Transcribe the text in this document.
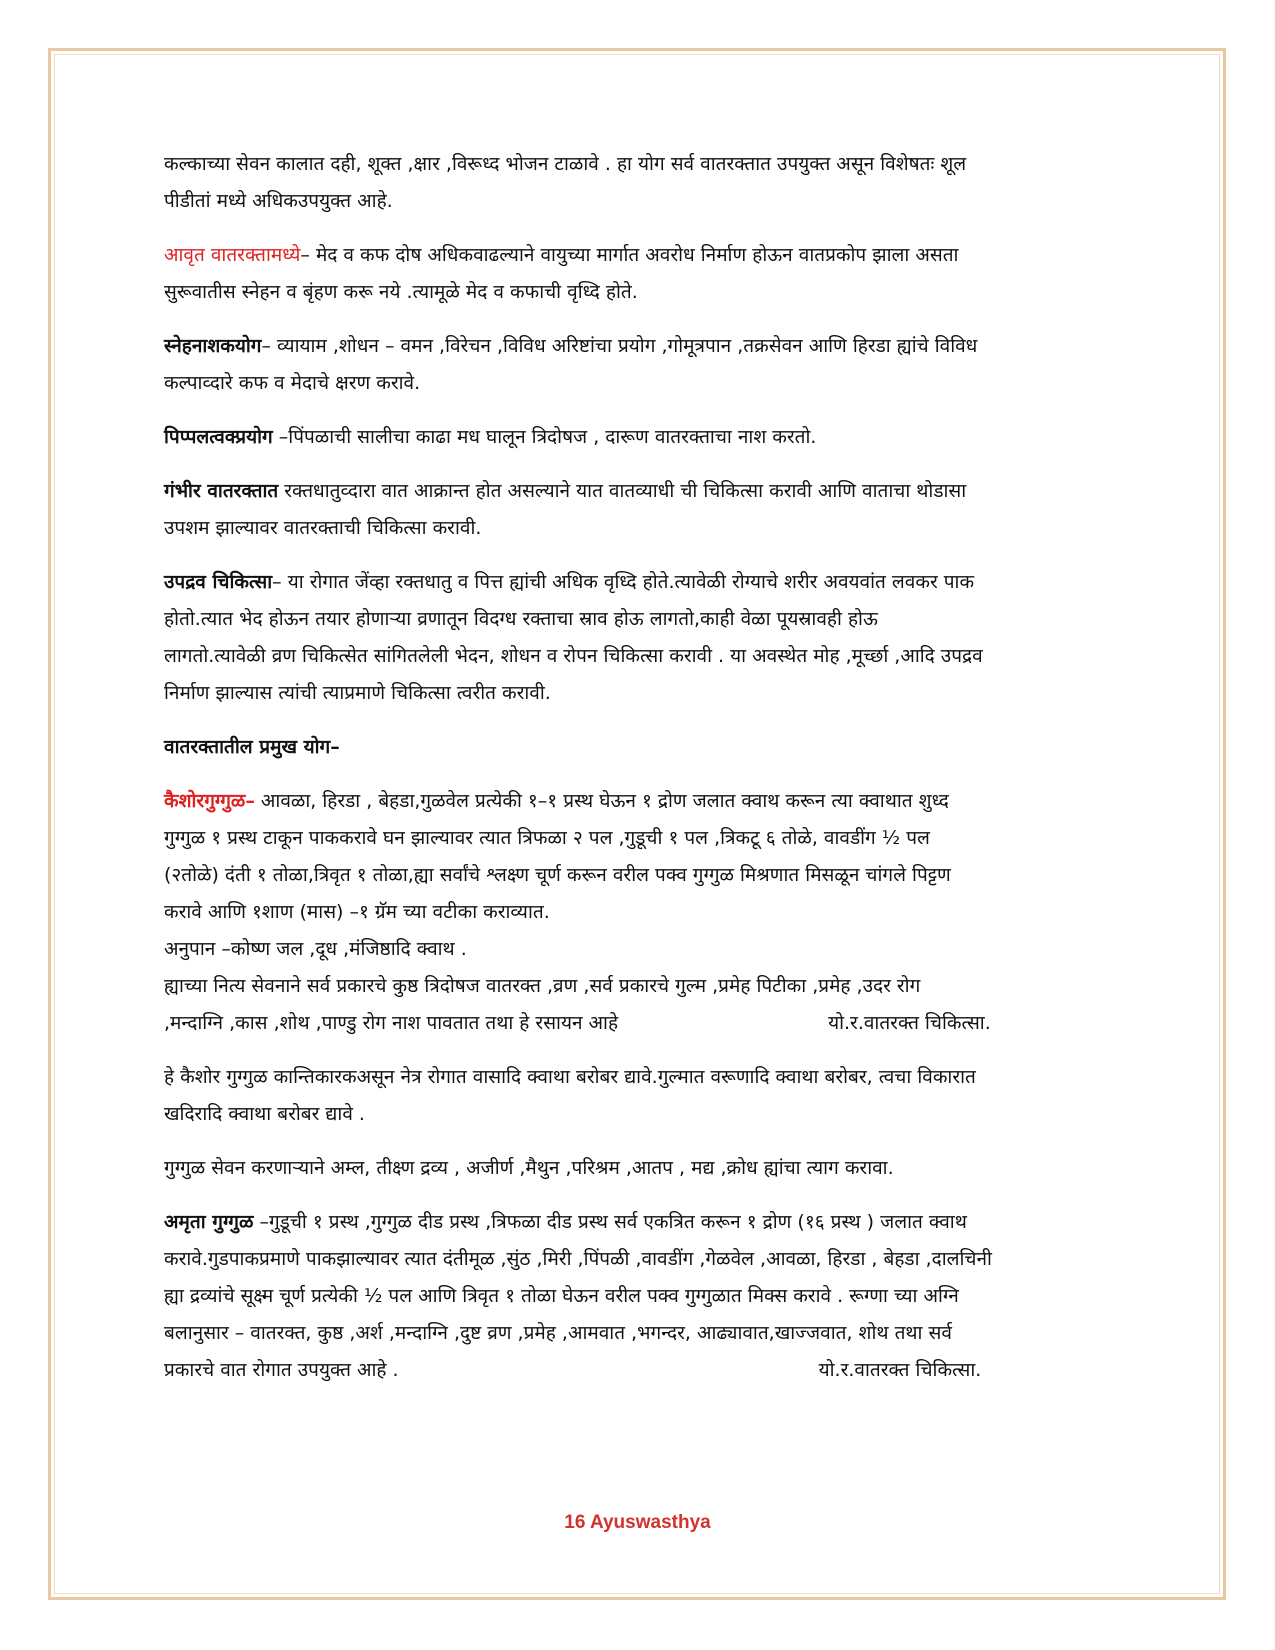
कल्काच्या सेवन कालात दही, शूक्त ,क्षार ,विरूध्द भोजन टाळावे . हा योग सर्व वातरक्तात उपयुक्त असून विशेषतः शूल
पीडीतां मध्ये अधिकउपयुक्त आहे.
आवृत वातरक्तामध्ये– मेद व कफ दोष अधिकवाढल्याने वायुच्या मार्गात अवरोध निर्माण होऊन वातप्रकोप झाला असता
सुरूवातीस स्नेहन व बृंहण करू नये .त्यामूळे मेद व कफाची वृध्दि होते.
स्नेहनाशकयोग– व्यायाम ,शोधन – वमन ,विरेचन ,विविध अरिष्टांचा प्रयोग ,गोमूत्रपान ,तक्रसेवन आणि हिरडा ह्यांचे विविध
कल्पाव्दारे कफ व मेदाचे क्षरण करावे.
पिप्पलत्वक्प्रयोग –पिंपळाची सालीचा काढा मध घालून त्रिदोषज , दारूण वातरक्ताचा नाश करतो.
गंभीर वातरक्तात रक्तधातुव्दारा वात आक्रान्त होत असल्याने यात वातव्याधी ची चिकित्सा करावी आणि वाताचा थोडासा
उपशम झाल्यावर वातरक्ताची चिकित्सा करावी.
उपद्रव चिकित्सा– या रोगात जेंव्हा रक्तधातु व पित्त ह्यांची अधिक वृध्दि होते.त्यावेळी रोग्याचे शरीर अवयवांत लवकर पाक
होतो.त्यात भेद होऊन तयार होणाऱ्या व्रणातून विदग्ध रक्ताचा स्राव होऊ लागतो,काही वेळा पूयस्रावही होऊ
लागतो.त्यावेळी व्रण चिकित्सेत सांगितलेली भेदन, शोधन व रोपन चिकित्सा करावी . या अवस्थेत मोह ,मूर्च्छा ,आदि उपद्रव
निर्माण झाल्यास त्यांची त्याप्रमाणे चिकित्सा त्वरीत करावी.
वातरक्तातील प्रमुख योग–
कैशोरगुग्गुळ– आवळा, हिरडा , बेहडा,गुळवेल प्रत्येकी १–१ प्रस्थ घेऊन १ द्रोण जलात क्वाथ करून त्या क्वाथात शुध्द
गुग्गुळ १ प्रस्थ टाकून पाककरावे घन झाल्यावर त्यात त्रिफळा २ पल ,गुडूची १ पल ,त्रिकटू ६ तोळे, वावडींग ½ पल
(२तोळे) दंती १ तोळा,त्रिवृत १ तोळा,ह्या सर्वांचे श्लक्ष्ण चूर्ण करून वरील पक्व गुग्गुळ मिश्रणात मिसळून चांगले पिट्टण
करावे आणि १शाण (मास) –१ ग्रॅम च्या वटीका कराव्यात.
अनुपान –कोष्ण जल ,दूध ,मंजिष्ठादि क्वाथ .
ह्याच्या नित्य सेवनाने सर्व प्रकारचे कुष्ठ त्रिदोषज वातरक्त ,व्रण ,सर्व प्रकारचे गुल्म ,प्रमेह पिटीका ,प्रमेह ,उदर रोग
,मन्दाग्नि ,कास ,शोथ ,पाण्डु रोग नाश पावतात तथा हे रसायन आहे	यो.र.वातरक्त चिकित्सा.
हे कैशोर गुग्गुळ कान्तिकारकअसून नेत्र रोगात वासादि क्वाथा बरोबर द्यावे.गुल्मात वरूणादि क्वाथा बरोबर, त्वचा विकारात
खदिरादि क्वाथा बरोबर द्यावे .
गुग्गुळ सेवन करणाऱ्याने अम्ल, तीक्ष्ण द्रव्य , अजीर्ण ,मैथुन ,परिश्रम ,आतप , मद्य ,क्रोध ह्यांचा त्याग करावा.
अमृता गुग्गुळ –गुडूची १ प्रस्थ ,गुग्गुळ दीड प्रस्थ ,त्रिफळा दीड प्रस्थ सर्व एकत्रित करून १ द्रोण (१६ प्रस्थ ) जलात क्वाथ
करावे.गुडपाकप्रमाणे पाकझाल्यावर त्यात दंतीमूळ ,सुंठ ,मिरी ,पिंपळी ,वावडींग ,गेळवेल ,आवळा, हिरडा , बेहडा ,दालचिनी
ह्या द्रव्यांचे सूक्ष्म चूर्ण प्रत्येकी ½ पल आणि त्रिवृत १ तोळा घेऊन वरील पक्व गुग्गुळात मिक्स करावे . रूग्णा च्या अग्नि
बलानुसार – वातरक्त, कुष्ठ ,अर्श ,मन्दाग्नि ,दुष्ट व्रण ,प्रमेह ,आमवात ,भगन्दर, आढ्यावात,खाज्जवात, शोथ तथा सर्व
प्रकारचे वात रोगात उपयुक्त आहे .	यो.र.वातरक्त चिकित्सा.
16 Ayuswasthya
